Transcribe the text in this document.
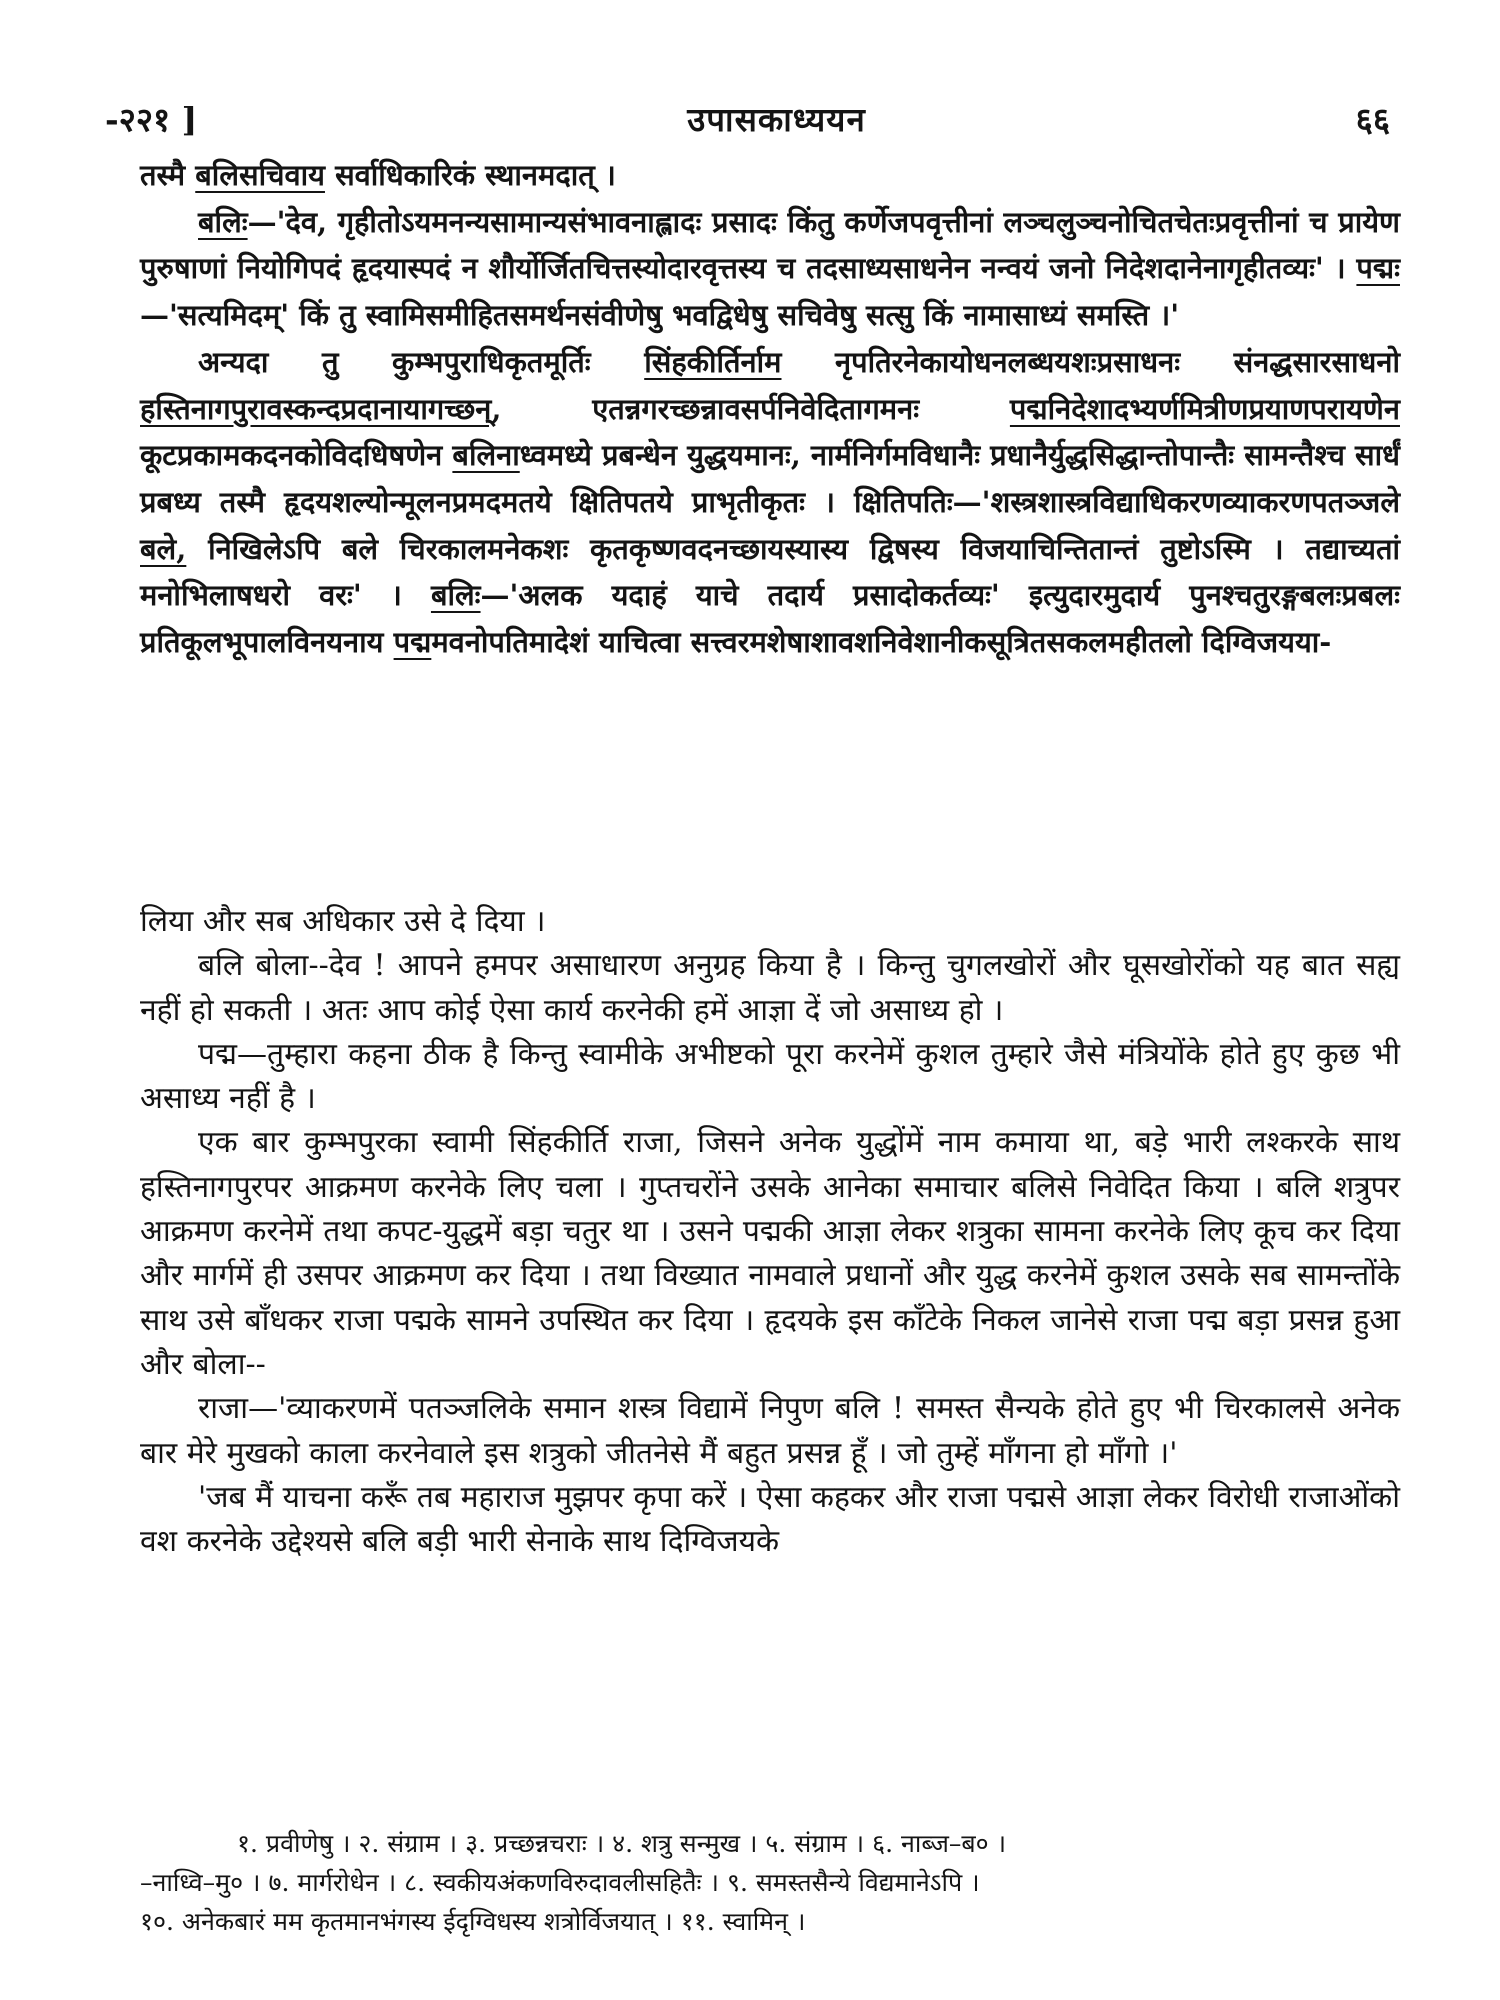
-२२१ ]	उपासकाध्ययन	६६

तस्मै बलिसचिवाय सर्वाधिकारिकं स्थानमदात् ।

बलिः—'देव, गृहीतोऽयमनन्यसामान्यसंभावनाह्लादः प्रसादः किंतु कर्णेजपवृत्तीनां लञ्चलुञ्चनोचितचेतःप्रवृत्तीनां च प्रायेण पुरुषाणां नियोगिपदं हृदयास्पदं न शौर्योर्जितचित्तस्योदारवृत्तस्य च तदसाध्यसाधनेन नन्वयं जनो निदेशदानेनागृहीतव्यः' । पद्मः—'सत्यमिदम्' किं तु स्वामिसमीहितसमर्थनसंवीणेषु भवद्विधेषु सचिवेषु सत्सु किं नामासाध्यं समस्ति ।'

अन्यदा तु कुम्भपुराधिकृतमूर्तिः सिंहकीर्तिर्नाम नृपतिरनेकायोधनलब्धयशःप्रसाधनः संनद्धसारसाधनो हस्तिनागपुरावस्कन्दप्रदानायागच्छन्, एतन्नगरच्छन्नावसर्पनिवेदितागमनः पद्मनिदेशादभ्यर्णमित्रीणप्रयाणपरायणेन कूटप्रकामकदनकोविदधिषणेन बलिनाध्वमध्ये प्रबन्धेन युद्धयमानः, नार्मनिर्गमविधानैः प्रधानैर्युद्धसिद्धान्तोपान्तैः सामन्तैश्च सार्धं प्रबध्य तस्मै हृदयशल्योन्मूलनप्रमदमतये क्षितिपतये प्राभृतीकृतः । क्षितिपतिः—'शस्त्रशास्त्रविद्याधिकरणव्याकरणपतञ्जले बले, निखिलेऽपि बले चिरकालमनेकशः कृतकृष्णवदनच्छायस्यास्य द्विषस्य विजयाचिन्तितान्तं तुष्टोऽस्मि । तद्याच्यतां मनोभिलाषधरो वरः' । बलिः—'अलक यदाहं याचे तदार्य प्रसादोकर्तव्यः' इत्युदारमुदार्य पुनश्चतुरङ्गबलःप्रबलः प्रतिकूलभूपालविनयनाय पद्ममवनोपतिमादेशं याचित्वा सत्त्वरमशेषाशावशनिवेशानीकसूत्रितसकलमहीतलो दिग्विजयया-

लिया और सब अधिकार उसे दे दिया ।

बलि बोला--देव ! आपने हमपर असाधारण अनुग्रह किया है । किन्तु चुगलखोरों और घूसखोरोंको यह बात सह्य नहीं हो सकती । अतः आप कोई ऐसा कार्य करनेकी हमें आज्ञा दें जो असाध्य हो ।

पद्म—तुम्हारा कहना ठीक है किन्तु स्वामीके अभीष्टको पूरा करनेमें कुशल तुम्हारे जैसे मंत्रियोंके होते हुए कुछ भी असाध्य नहीं है ।

एक बार कुम्भपुरका स्वामी सिंहकीर्ति राजा, जिसने अनेक युद्धोंमें नाम कमाया था, बड़े भारी लश्करके साथ हस्तिनागपुरपर आक्रमण करनेके लिए चला । गुप्तचरोंने उसके आनेका समाचार बलिसे निवेदित किया । बलि शत्रुपर आक्रमण करनेमें तथा कपट-युद्धमें बड़ा चतुर था । उसने पद्मकी आज्ञा लेकर शत्रुका सामना करनेके लिए कूच कर दिया और मार्गमें ही उसपर आक्रमण कर दिया । तथा विख्यात नामवाले प्रधानों और युद्ध करनेमें कुशल उसके सब सामन्तोंके साथ उसे बाँधकर राजा पद्मके सामने उपस्थित कर दिया । हृदयके इस काँटेके निकल जानेसे राजा पद्म बड़ा प्रसन्न हुआ और बोला--

राजा—'व्याकरणमें पतञ्जलिके समान शस्त्र विद्यामें निपुण बलि ! समस्त सैन्यके होते हुए भी चिरकालसे अनेक बार मेरे मुखको काला करनेवाले इस शत्रुको जीतनेसे मैं बहुत प्रसन्न हूँ । जो तुम्हें माँगना हो माँगो ।'

'जब मैं याचना करूँ तब महाराज मुझपर कृपा करें । ऐसा कहकर और राजा पद्मसे आज्ञा लेकर विरोधी राजाओंको वश करनेके उद्देश्यसे बलि बड़ी भारी सेनाके साथ दिग्विजयके

१. प्रवीणेषु । २. संग्राम । ३. प्रच्छन्नचराः । ४. शत्रु सन्मुख । ५. संग्राम । ६. नाब्ज–ब० ।

–नाध्वि–मु० । ७. मार्गरोधेन । ८. स्वकीयअंकणविरुदावलीसहितैः । ९. समस्तसैन्ये विद्यमानेऽपि ।

१०. अनेकबारं मम कृतमानभंगस्य ईदृग्विधस्य शत्रोर्विजयात् । ११. स्वामिन् ।
